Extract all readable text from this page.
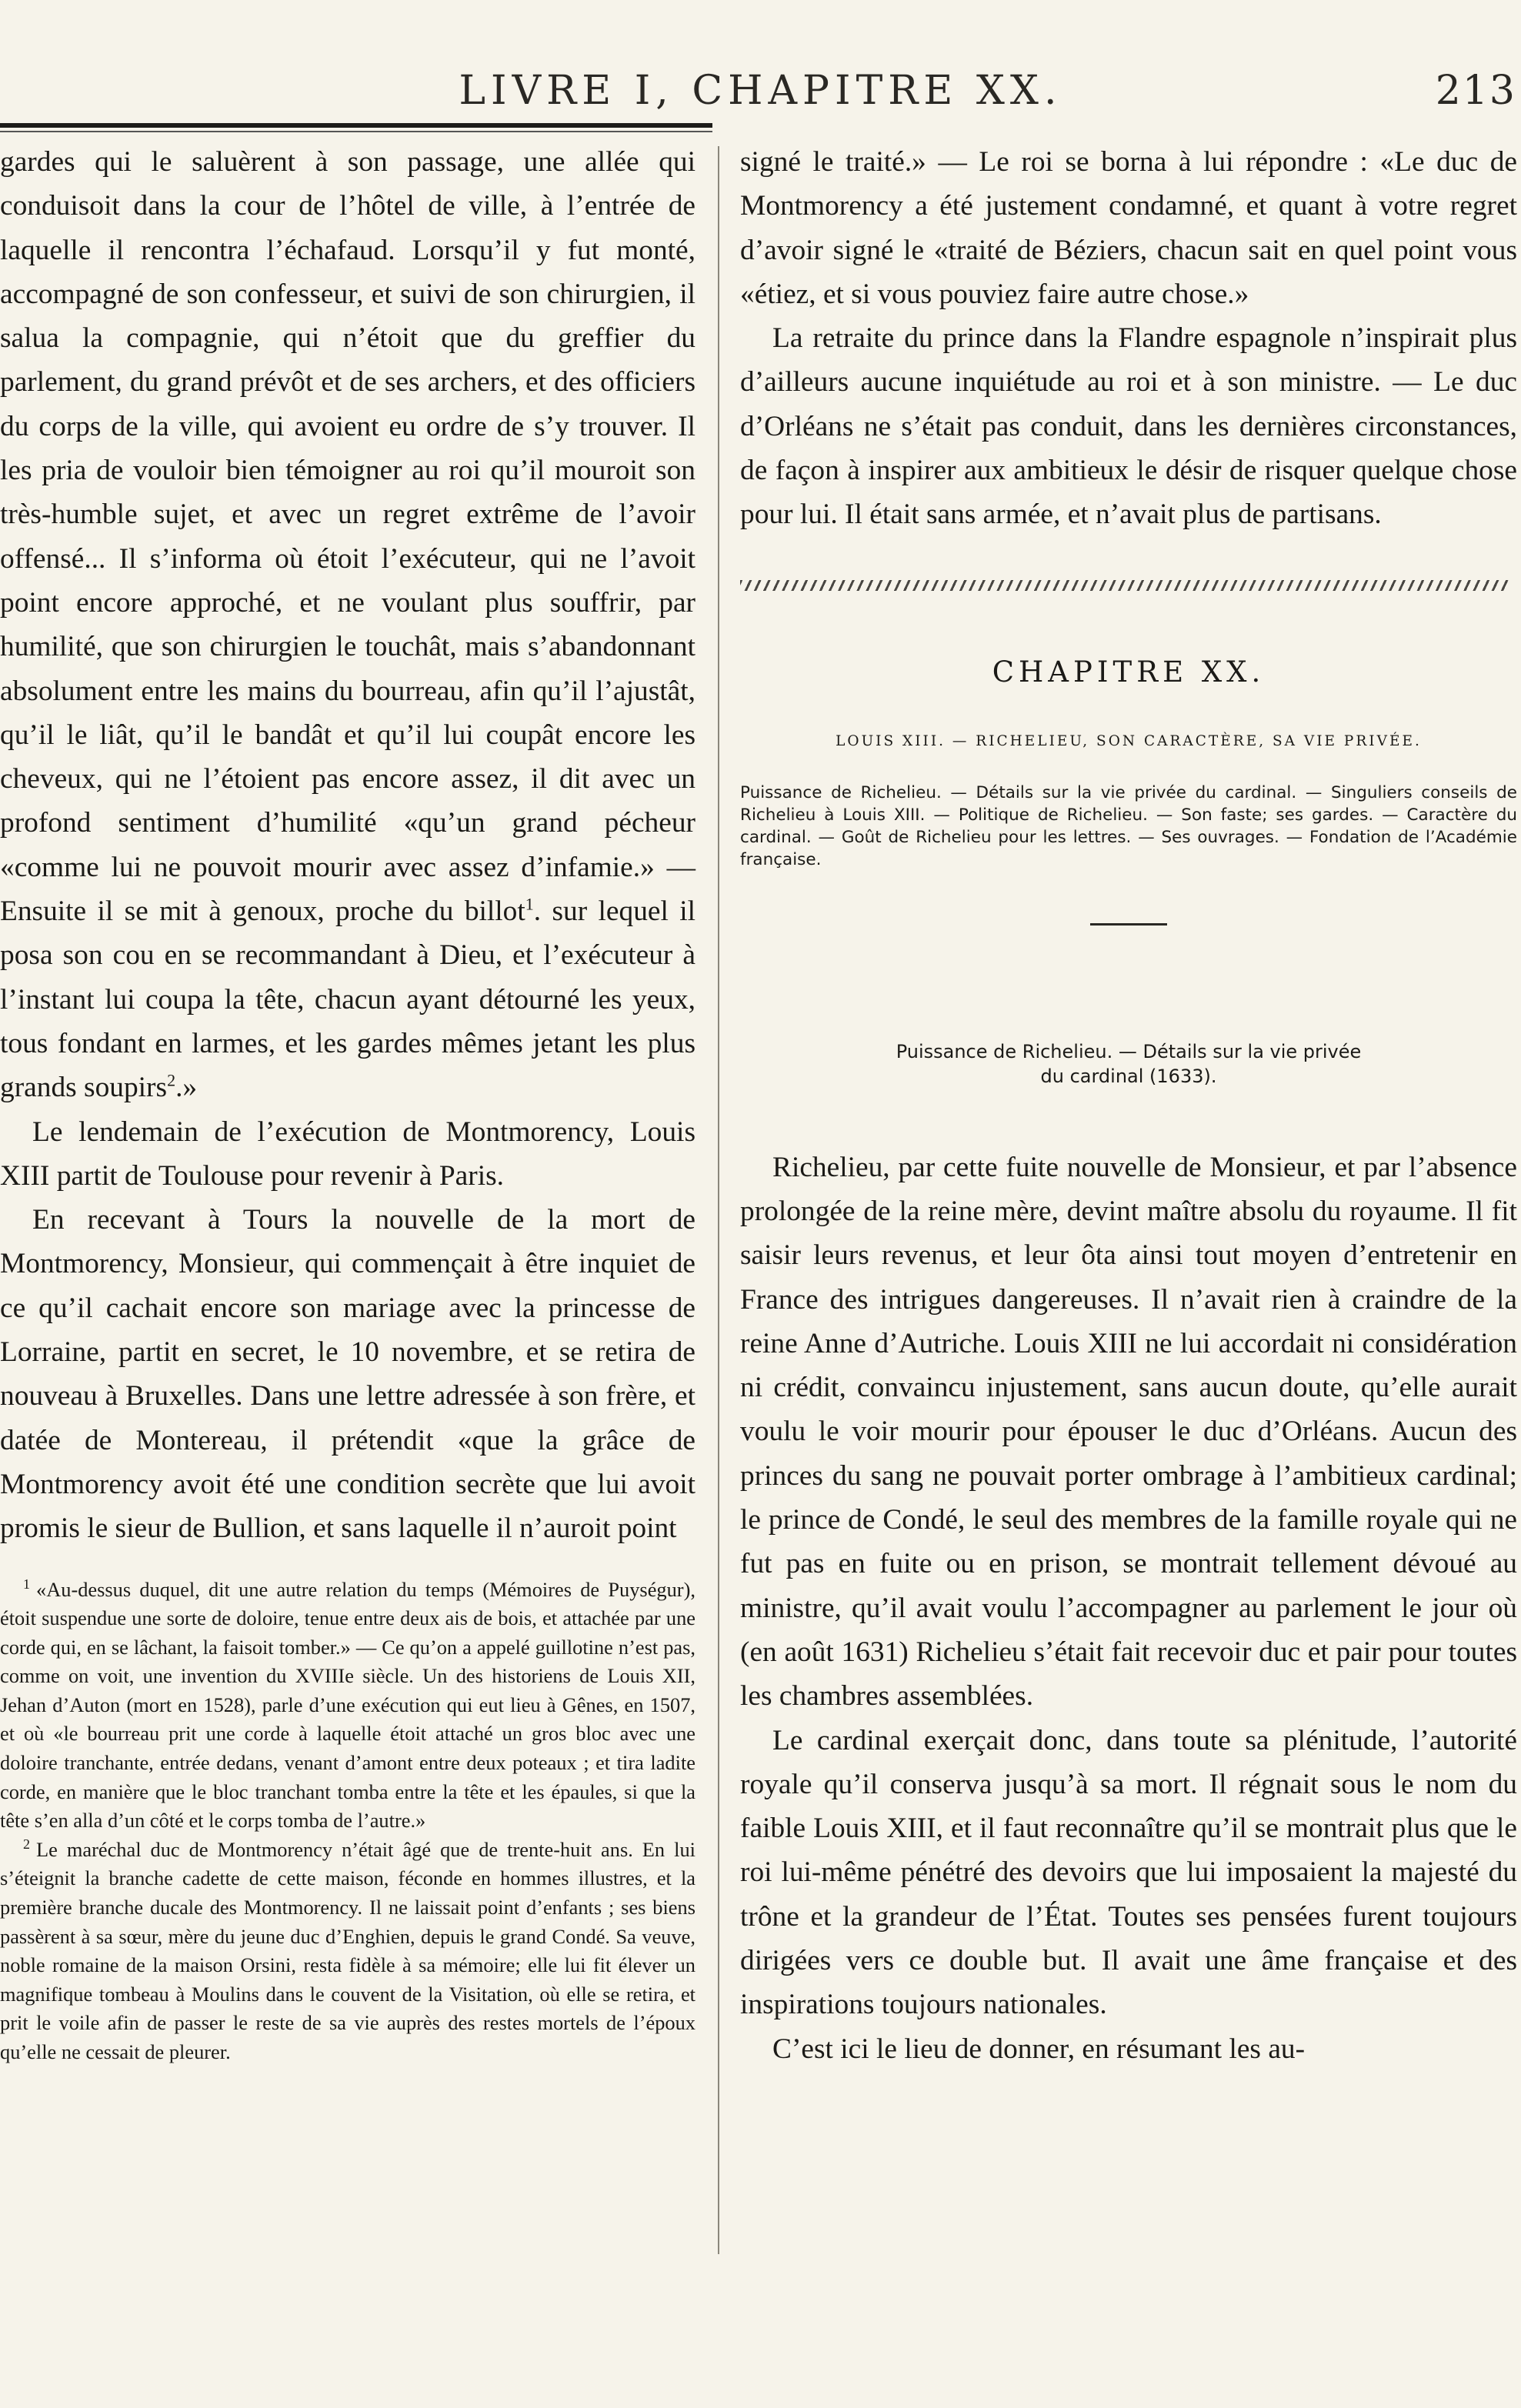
LIVRE I, CHAPITRE XX.	213

gardes qui le saluèrent à son passage, une allée qui conduisoit dans la cour de l’hôtel de ville, à l’entrée de laquelle il rencontra l’échafaud. Lorsqu’il y fut monté, accompagné de son confesseur, et suivi de son chirurgien, il salua la compagnie, qui n’étoit que du greffier du parlement, du grand prévôt et de ses archers, et des officiers du corps de la ville, qui avoient eu ordre de s’y trouver. Il les pria de vouloir bien témoigner au roi qu’il mouroit son très-humble sujet, et avec un regret extrême de l’avoir offensé... Il s’informa où étoit l’exécuteur, qui ne l’avoit point encore approché, et ne voulant plus souffrir, par humilité, que son chirurgien le touchât, mais s’abandonnant absolument entre les mains du bourreau, afin qu’il l’ajustât, qu’il le liât, qu’il le bandât et qu’il lui coupât encore les cheveux, qui ne l’étoient pas encore assez, il dit avec un profond sentiment d’humilité «qu’un grand pécheur «comme lui ne pouvoit mourir avec assez d’infamie.» — Ensuite il se mit à genoux, proche du billot$^1$. sur lequel il posa son cou en se recommandant à Dieu, et l’exécuteur à l’instant lui coupa la tête, chacun ayant détourné les yeux, tous fondant en larmes, et les gardes mêmes jetant les plus grands soupirs$^2$.»

Le lendemain de l’exécution de Montmorency, Louis XIII partit de Toulouse pour revenir à Paris.

En recevant à Tours la nouvelle de la mort de Montmorency, Monsieur, qui commençait à être inquiet de ce qu’il cachait encore son mariage avec la princesse de Lorraine, partit en secret, le 10 novembre, et se retira de nouveau à Bruxelles. Dans une lettre adressée à son frère, et datée de Montereau, il prétendit «que la grâce de Montmorency avoit été une condition secrète que lui avoit promis le sieur de Bullion, et sans laquelle il n’auroit point

$^1$ «Au-dessus duquel, dit une autre relation du temps (Mémoires de Puységur), étoit suspendue une sorte de doloire, tenue entre deux ais de bois, et attachée par une corde qui, en se lâchant, la faisoit tomber.» — Ce qu’on a appelé guillotine n’est pas, comme on voit, une invention du XVIIIe siècle. Un des historiens de Louis XII, Jehan d’Auton (mort en 1528), parle d’une exécution qui eut lieu à Gênes, en 1507, et où «le bourreau prit une corde à laquelle étoit attaché un gros bloc avec une doloire tranchante, entrée dedans, venant d’amont entre deux poteaux ; et tira ladite corde, en manière que le bloc tranchant tomba entre la tête et les épaules, si que la tête s’en alla d’un côté et le corps tomba de l’autre.»

$^2$ Le maréchal duc de Montmorency n’était âgé que de trente-huit ans. En lui s’éteignit la branche cadette de cette maison, féconde en hommes illustres, et la première branche ducale des Montmorency. Il ne laissait point d’enfants ; ses biens passèrent à sa sœur, mère du jeune duc d’Enghien, depuis le grand Condé. Sa veuve, noble romaine de la maison Orsini, resta fidèle à sa mémoire; elle lui fit élever un magnifique tombeau à Moulins dans le couvent de la Visitation, où elle se retira, et prit le voile afin de passer le reste de sa vie auprès des restes mortels de l’époux qu’elle ne cessait de pleurer.

signé le traité.» — Le roi se borna à lui répondre : «Le duc de Montmorency a été justement condamné, et quant à votre regret d’avoir signé le «traité de Béziers, chacun sait en quel point vous «étiez, et si vous pouviez faire autre chose.»

La retraite du prince dans la Flandre espagnole n’inspirait plus d’ailleurs aucune inquiétude au roi et à son ministre. — Le duc d’Orléans ne s’était pas conduit, dans les dernières circonstances, de façon à inspirer aux ambitieux le désir de risquer quelque chose pour lui. Il était sans armée, et n’avait plus de partisans.

CHAPITRE XX.
LOUIS XIII. — RICHELIEU, SON CARACTÈRE, SA VIE PRIVÉE.

Puissance de Richelieu. — Détails sur la vie privée du cardinal. — Singuliers conseils de Richelieu à Louis XIII. — Politique de Richelieu. — Son faste; ses gardes. — Caractère du cardinal. — Goût de Richelieu pour les lettres. — Ses ouvrages. — Fondation de l’Académie française.

Puissance de Richelieu. — Détails sur la vie privée
du cardinal (1633).

Richelieu, par cette fuite nouvelle de Monsieur, et par l’absence prolongée de la reine mère, devint maître absolu du royaume. Il fit saisir leurs revenus, et leur ôta ainsi tout moyen d’entretenir en France des intrigues dangereuses. Il n’avait rien à craindre de la reine Anne d’Autriche. Louis XIII ne lui accordait ni considération ni crédit, convaincu injustement, sans aucun doute, qu’elle aurait voulu le voir mourir pour épouser le duc d’Orléans. Aucun des princes du sang ne pouvait porter ombrage à l’ambitieux cardinal; le prince de Condé, le seul des membres de la famille royale qui ne fut pas en fuite ou en prison, se montrait tellement dévoué au ministre, qu’il avait voulu l’accompagner au parlement le jour où (en août 1631) Richelieu s’était fait recevoir duc et pair pour toutes les chambres assemblées.

Le cardinal exerçait donc, dans toute sa plénitude, l’autorité royale qu’il conserva jusqu’à sa mort. Il régnait sous le nom du faible Louis XIII, et il faut reconnaître qu’il se montrait plus que le roi lui-même pénétré des devoirs que lui imposaient la majesté du trône et la grandeur de l’État. Toutes ses pensées furent toujours dirigées vers ce double but. Il avait une âme française et des inspirations toujours nationales.

C’est ici le lieu de donner, en résumant les au-
